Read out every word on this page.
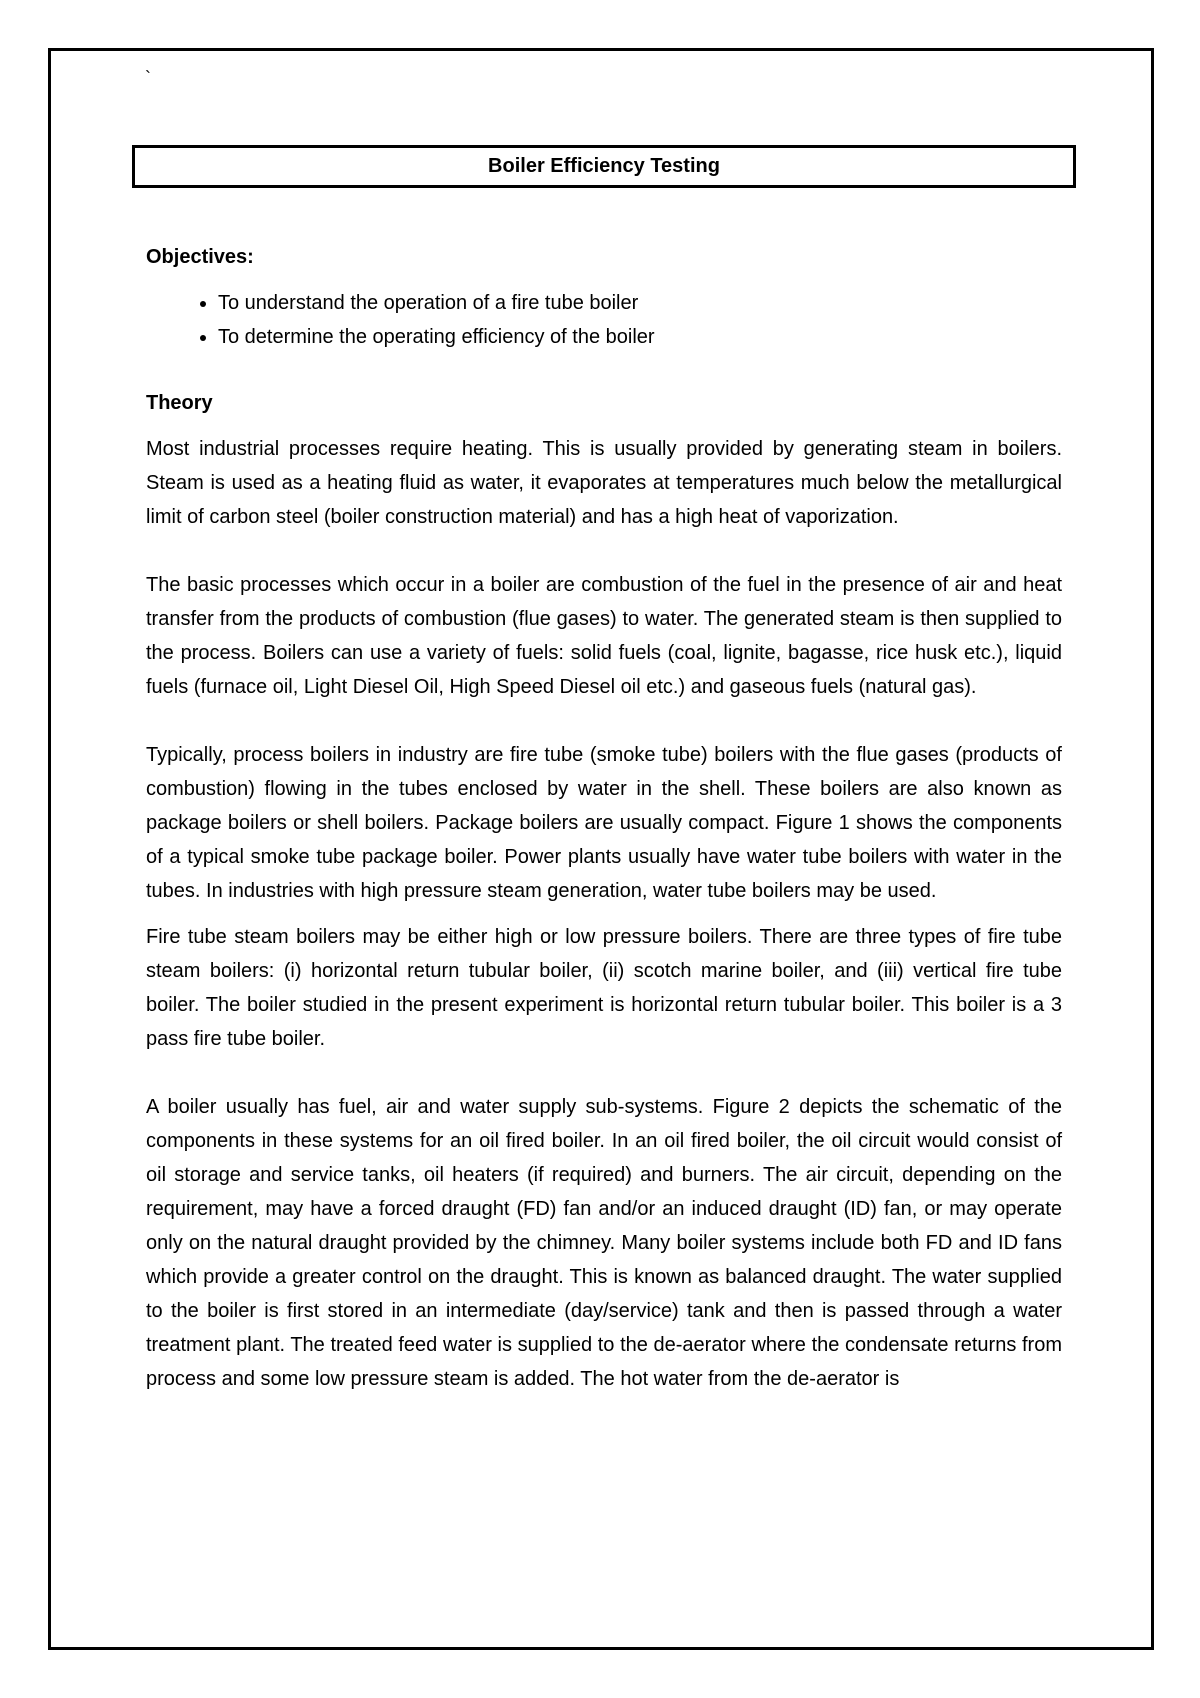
`
Boiler Efficiency Testing

Objectives:

• To understand the operation of a fire tube boiler
• To determine the operating efficiency of the boiler

Theory

Most industrial processes require heating. This is usually provided by generating steam in boilers. Steam is used as a heating fluid as water, it evaporates at temperatures much below the metallurgical limit of carbon steel (boiler construction material) and has a high heat of vaporization.

The basic processes which occur in a boiler are combustion of the fuel in the presence of air and heat transfer from the products of combustion (flue gases) to water. The generated steam is then supplied to the process. Boilers can use a variety of fuels: solid fuels (coal, lignite, bagasse, rice husk etc.), liquid fuels (furnace oil, Light Diesel Oil, High Speed Diesel oil etc.) and gaseous fuels (natural gas).

Typically, process boilers in industry are fire tube (smoke tube) boilers with the flue gases (products of combustion) flowing in the tubes enclosed by water in the shell. These boilers are also known as package boilers or shell boilers. Package boilers are usually compact. Figure 1 shows the components of a typical smoke tube package boiler. Power plants usually have water tube boilers with water in the tubes. In industries with high pressure steam generation, water tube boilers may be used.

Fire tube steam boilers may be either high or low pressure boilers. There are three types of fire tube steam boilers: (i) horizontal return tubular boiler, (ii) scotch marine boiler, and (iii) vertical fire tube boiler. The boiler studied in the present experiment is horizontal return tubular boiler. This boiler is a 3 pass fire tube boiler.

A boiler usually has fuel, air and water supply sub-systems. Figure 2 depicts the schematic of the components in these systems for an oil fired boiler. In an oil fired boiler, the oil circuit would consist of oil storage and service tanks, oil heaters (if required) and burners. The air circuit, depending on the requirement, may have a forced draught (FD) fan and/or an induced draught (ID) fan, or may operate only on the natural draught provided by the chimney. Many boiler systems include both FD and ID fans which provide a greater control on the draught. This is known as balanced draught. The water supplied to the boiler is first stored in an intermediate (day/service) tank and then is passed through a water treatment plant. The treated feed water is supplied to the de-aerator where the condensate returns from process and some low pressure steam is added. The hot water from the de-aerator is
